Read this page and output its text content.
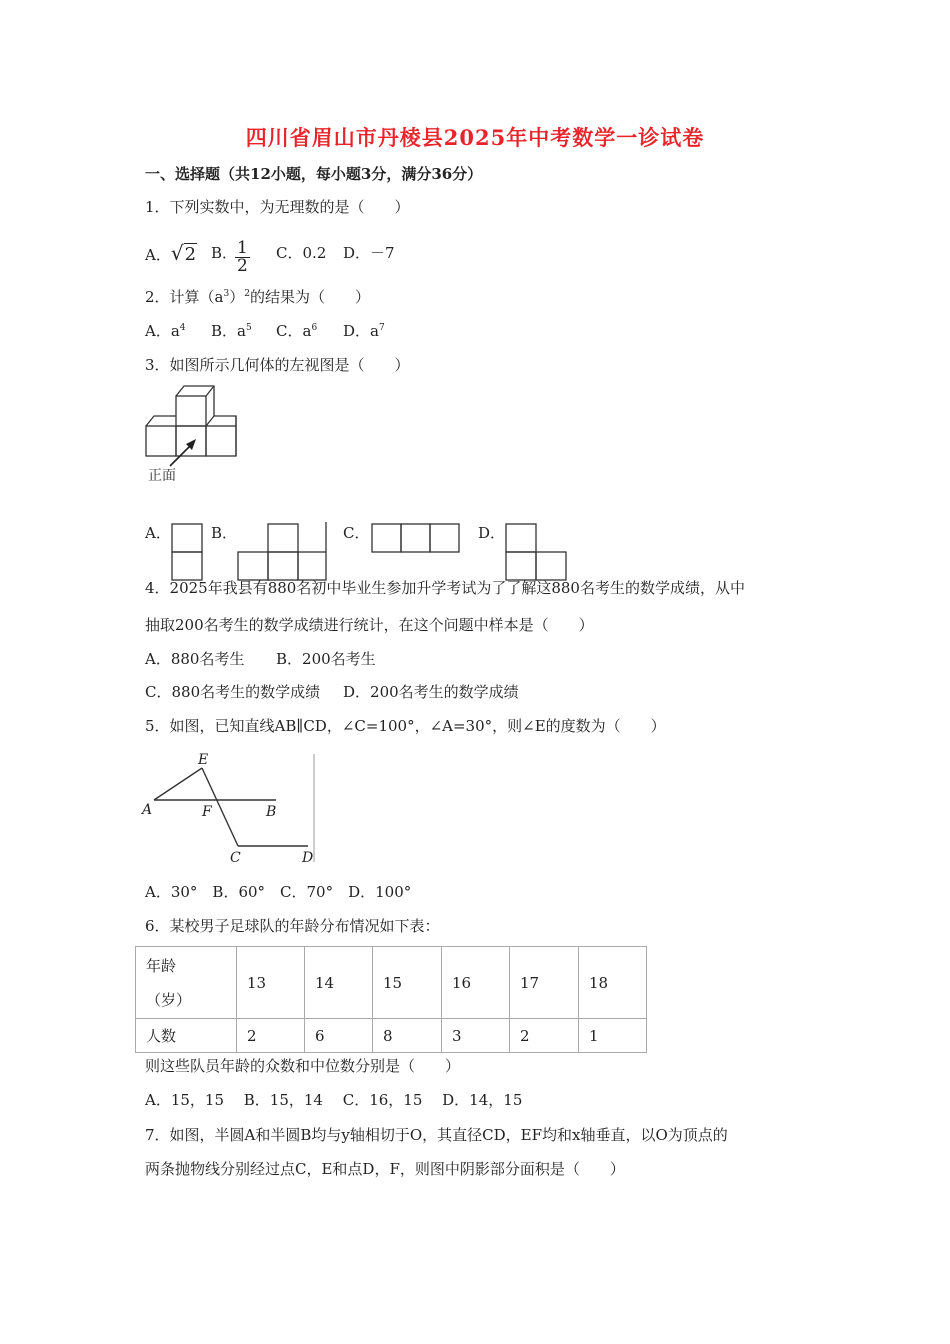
四川省眉山市丹棱县2025年中考数学一诊试卷
一、选择题（共12小题，每小题3分，满分36分）
1．下列实数中，为无理数的是（　　）
A．√2 B．
$\frac{1}{2}$ C．0.2 D．－7
2．计算$(a^3)^2$的结果为（　　）
A．$a^4$ B．$a^5$ C．$a^6$ D．$a^7$
3．如图所示几何体的左视图是（　　）
正面
A．	B．	C．	D．
4．2025年我县有880名初中毕业生参加升学考试为了了解这880名考生的数学成绩，从中
抽取200名考生的数学成绩进行统计，在这个问题中样本是（　　）
A．880名考生 B．200名考生
C．880名考生的数学成绩 D．200名考生的数学成绩
5．如图，已知直线AB∥CD，∠C=100°，∠A=30°，则∠E的度数为（　　）
E
A	F	B
C	D
A．30°　B．60°　C．70°　D．100°
6．某校男子足球队的年龄分布情况如下表：
年龄
（岁）	13	14	15	16	17	18
人数	2	6	8	3	2	1
则这些队员年龄的众数和中位数分别是（　　）
A．15，15　 B．15，14　 C．16，15　 D．14，15
7．如图，半圆A和半圆B均与y轴相切于O，其直径CD，EF均和x轴垂直，以O为顶点的
两条抛物线分别经过点C，E和点D，F，则图中阴影部分面积是（　　）
